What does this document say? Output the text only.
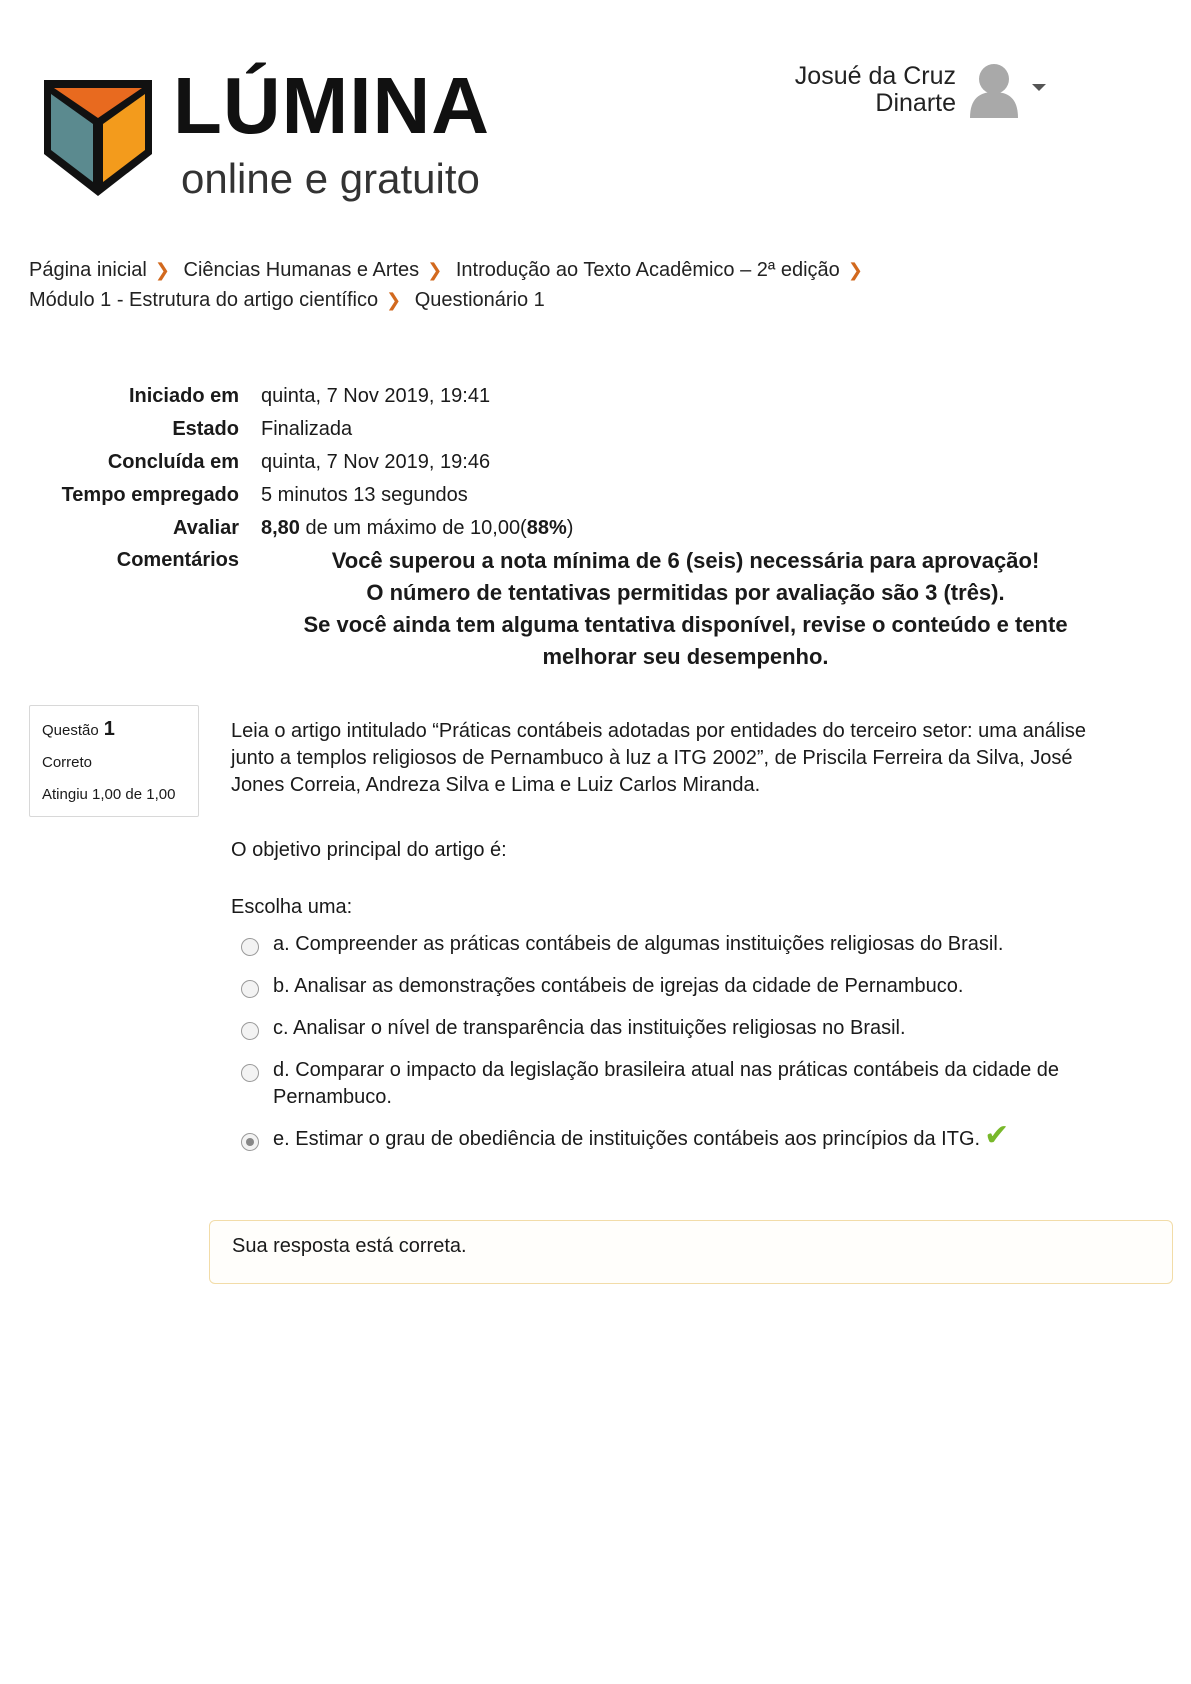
LÚMINA
online e gratuito
Josué da Cruz
Dinarte
Página inicial ❯ Ciências Humanas e Artes ❯ Introdução ao Texto Acadêmico – 2ª edição ❯
Módulo 1 - Estrutura do artigo científico ❯ Questionário 1
Iniciado em	quinta, 7 Nov 2019, 19:41
Estado	Finalizada
Concluída em	quinta, 7 Nov 2019, 19:46
Tempo empregado	5 minutos 13 segundos
Avaliar	8,80 de um máximo de 10,00(88%)
Comentários	Você superou a nota mínima de 6 (seis) necessária para aprovação!
O número de tentativas permitidas por avaliação são 3 (três).
Se você ainda tem alguma tentativa disponível, revise o conteúdo e tente
melhorar seu desempenho.
Questão 1
Correto
Atingiu 1,00 de 1,00

Leia o artigo intitulado “Práticas contábeis adotadas por entidades do terceiro setor: uma análise junto a templos religiosos de Pernambuco à luz a ITG 2002”, de Priscila Ferreira da Silva, José Jones Correia, Andreza Silva e Lima e Luiz Carlos Miranda.

O objetivo principal do artigo é:

Escolha uma:
a. Compreender as práticas contábeis de algumas instituições religiosas do Brasil.
b. Analisar as demonstrações contábeis de igrejas da cidade de Pernambuco.
c. Analisar o nível de transparência das instituições religiosas no Brasil.
d. Comparar o impacto da legislação brasileira atual nas práticas contábeis da cidade de Pernambuco.
e. Estimar o grau de obediência de instituições contábeis aos princípios da ITG. ✔
Sua resposta está correta.
